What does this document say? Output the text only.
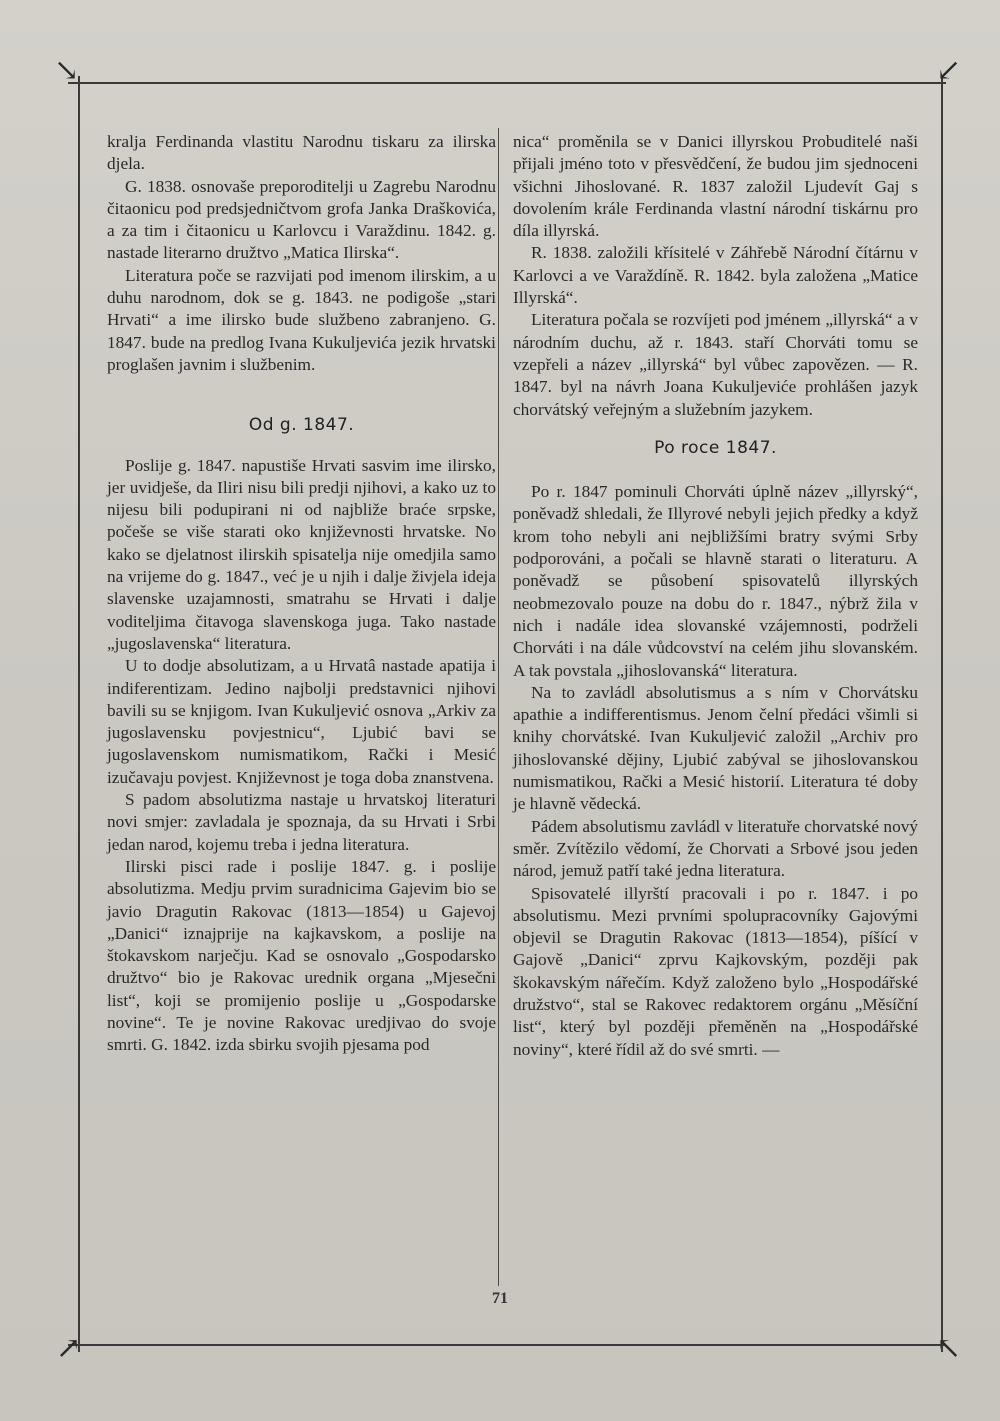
↘	↙
↗	↖

kralja Ferdinanda vlastitu Narodnu tiskaru za ilirska djela.

G. 1838. osnovaše preporoditelji u Zagrebu Narodnu čitaonicu pod predsjedničtvom grofa Janka Draškovića, a za tim i čitaonicu u Karlovcu i Varaždinu. 1842. g. nastade literarno družtvo „Matica Ilirska“.

Literatura poče se razvijati pod imenom ilirskim, a u duhu narodnom, dok se g. 1843. ne podigoše „stari Hrvati“ a ime ilirsko bude službeno zabranjeno. G. 1847. bude na predlog Ivana Kukuljevića jezik hrvatski proglašen javnim i službenim.

Od g. 1847.

Poslije g. 1847. napustiše Hrvati sasvim ime ilirsko, jer uvidješe, da Iliri nisu bili predji njihovi, a kako uz to nijesu bili podupirani ni od najbliže braće srpske, počeše se više starati oko književnosti hrvatske. No kako se djelatnost ilirskih spisatelja nije omedjila samo na vrijeme do g. 1847., već je u njih i dalje živjela ideja slavenske uzajamnosti, smatrahu se Hrvati i dalje voditeljima čitavoga slavenskoga juga. Tako nastade „jugoslavenska“ literatura.

U to dodje absolutizam, a u Hrvatâ nastade apatija i indiferentizam. Jedino najbolji predstavnici njihovi bavili su se knjigom. Ivan Kukuljević osnova „Arkiv za jugoslavensku povjestnicu“, Ljubić bavi se jugoslavenskom numismatikom, Rački i Mesić izučavaju povjest. Književnost je toga doba znanstvena.

S padom absolutizma nastaje u hrvatskoj literaturi novi smjer: zavladala je spoznaja, da su Hrvati i Srbi jedan narod, kojemu treba i jedna literatura.

Ilirski pisci rade i poslije 1847. g. i poslije absolutizma. Medju prvim suradnicima Gajevim bio se javio Dragutin Rakovac (1813—1854) u Gajevoj „Danici“ iznajprije na kajkavskom, a poslije na štokavskom narječju. Kad se osnovalo „Gospodarsko družtvo“ bio je Rakovac urednik organa „Mjesečni list“, koji se promijenio poslije u „Gospodarske novine“. Te je novine Rakovac uredjivao do svoje smrti. G. 1842. izda sbirku svojih pjesama pod

nica“ proměnila se v Danici illyrskou Probuditelé naši přijali jméno toto v přesvědčení, že budou jim sjednoceni všichni Jihoslované. R. 1837 založil Ljudevít Gaj s dovolením krále Ferdinanda vlastní národní tiskárnu pro díla illyrská.

R. 1838. založili křísitelé v Záhřebě Národní čítárnu v Karlovci a ve Varaždíně. R. 1842. byla založena „Matice Illyrská“.

Literatura počala se rozvíjeti pod jménem „illyrská“ a v národním duchu, až r. 1843. staří Chorváti tomu se vzepřeli a název „illyrská“ byl vůbec zapovězen. — R. 1847. byl na návrh Joana Kukuljeviće prohlášen jazyk chorvátský veřejným a služebním jazykem.

Po roce 1847.

Po r. 1847 pominuli Chorváti úplně název „illyrský“, poněvadž shledali, že Illyrové nebyli jejich předky a když krom toho nebyli ani nejbližšími bratry svými Srby podporováni, a počali se hlavně starati o literaturu. A poněvadž se působení spisovatelů illyrských neobmezovalo pouze na dobu do r. 1847., nýbrž žila v nich i nadále idea slovanské vzájemnosti, podrželi Chorváti i na dále vůdcovství na celém jihu slovanském. A tak povstala „jihoslovanská“ literatura.

Na to zavládl absolutismus a s ním v Chorvátsku apathie a indifferentismus. Jenom čelní předáci všimli si knihy chorvátské. Ivan Kukuljević založil „Archiv pro jihoslovanské dějiny, Ljubić zabýval se jihoslovanskou numismatikou, Rački a Mesić historií. Literatura té doby je hlavně vědecká.

Pádem absolutismu zavládl v literatuře chorvatské nový směr. Zvítězilo vědomí, že Chorvati a Srbové jsou jeden národ, jemuž patří také jedna literatura.

Spisovatelé illyrští pracovali i po r. 1847. i po absolutismu. Mezi prvními spolupracovníky Gajovými objevil se Dragutin Rakovac (1813—1854), píšící v Gajově „Danici“ zprvu Kajkovským, později pak škokavským nářečím. Když založeno bylo „Hospodářské družstvo“, stal se Rakovec redaktorem orgánu „Měsíční list“, který byl později přeměněn na „Hospodářské noviny“, které řídil až do své smrti. —

71
